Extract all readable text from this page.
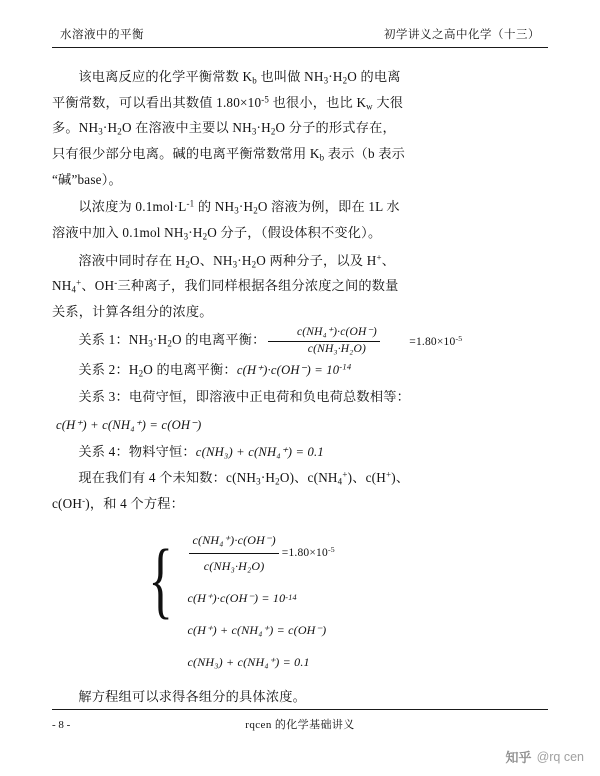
水溶液中的平衡	初学讲义之高中化学（十三）

该电离反应的化学平衡常数 $K_b$ 也叫做 $NH_3\cdot H_2O$ 的电离
平衡常数，可以看出其数值 $1.80\times 10^{-5}$ 也很小，也比 $K_w$ 大很
多。$NH_3\cdot H_2O$ 在溶液中主要以 $NH_3\cdot H_2O$ 分子的形式存在，
只有很少部分电离。碱的电离平衡常数常用 $K_b$ 表示（b 表示
“碱”base）。

以浓度为 $0.1mol\cdot L^{-1}$ 的 $NH_3\cdot H_2O$ 溶液为例，即在 1L 水
溶液中加入 0.1mol $NH_3\cdot H_2O$ 分子，（假设体积不变化）。

溶液中同时存在 $H_2O$、$NH_3\cdot H_2O$ 两种分子，以及 H+、
$NH_4^+$、OH-三种离子，我们同样根据各组分浓度之间的数量
关系，计算各组分的浓度。

关系 1：$NH_3\cdot H_2O$ 的电离平衡： $\frac{\text{c(NH₄⁺)·c(OH⁻)}}{\text{c(NH₃·H₂O)}}$	$=1.80\times 10^{-5}$
关系 2：$H_2O$ 的电离平衡：$c(H^+)\cdot c(OH^-) = 10^{-14}$
关系 3：电荷守恒，即溶液中正电荷和负电荷总数相等：
c(H⁺) + c(NH₄⁺) = c(OH⁻)
关系 4：物料守恒：c(NH₃) + c(NH₄⁺) = 0.1

现在我们有 4 个未知数：$c(NH_3\cdot H_2O)$、$c(NH_4^+)$、c(H+)、
c(OH-)，和 4 个方程：

{ $\frac{\text{c(NH₄⁺)·c(OH⁻)}}{\text{c(NH₃·H₂O)}} =1.80\times 10^{-5}$
c(H⁺)·c(OH⁻) = 10 -14
c(H⁺) + c(NH₄⁺) = c(OH⁻)
c(NH₃) + c(NH₄⁺) = 0.1

解方程组可以求得各组分的具体浓度。

- 8 -	rqcen 的化学基础讲义
知乎 @rq cen
